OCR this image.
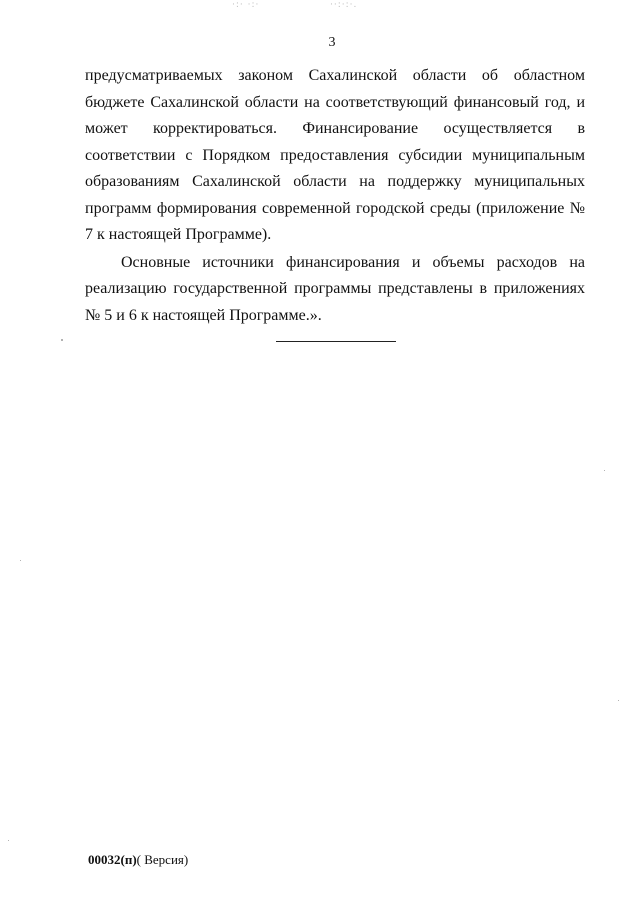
·:· ·:·	··:·:·.
3

предусматриваемых законом Сахалинской области об областном бюджете Сахалинской области на соответствующий финансовый год, и может корректироваться. Финансирование осуществляется в соответствии с Порядком предоставления субсидии муниципальным образованиям Сахалинской области на поддержку муниципальных программ формирования современной городской среды (приложение № 7 к настоящей Программе).

Основные источники финансирования и объемы расходов на реализацию государственной программы представлены в приложениях № 5 и 6 к настоящей Программе.».

00032(п)( Версия)
